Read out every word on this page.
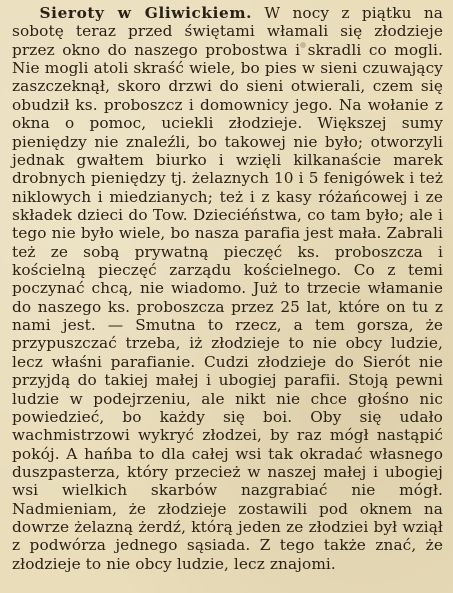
Sieroty w Gliwickiem. W nocy z piątku na sobotę teraz przed świętami włamali się złodzieje przez okno do naszego probostwa i skradli co mogli. Nie mogli atoli skraść wiele, bo pies w sieni czuwający zaszczeknął, skoro drzwi do sieni otwierali, czem się obudził ks. proboszcz i domownicy jego. Na wołanie z okna o pomoc, uciekli złodzieje. Większej sumy pieniędzy nie znaleźli, bo takowej nie było; otworzyli jednak gwałtem biurko i wzięli kilkanaście marek drobnych pieniędzy tj. żelaznych 10 i 5 fenigówek i też niklowych i miedzianych; też i z kasy różańcowej i ze składek dzieci do Tow. Dzieciéństwa, co tam było; ale i tego nie było wiele, bo nasza parafia jest mała. Zabrali też ze sobą prywatną pieczęć ks. proboszcza i kościelną pieczęć zarządu kościelnego. Co z temi poczynać chcą, nie wiadomo. Już to trzecie włamanie do naszego ks. proboszcza przez 25 lat, które on tu z nami jest. — Smutna to rzecz, a tem gorsza, że przypuszczać trzeba, iż złodzieje to nie obcy ludzie, lecz właśni parafianie. Cudzi złodzieje do Sierót nie przyjdą do takiej małej i ubogiej parafii. Stoją pewni ludzie w podejrzeniu, ale nikt nie chce głośno nic powiedzieć, bo każdy się boi. Oby się udało wachmistrzowi wykryć złodzei, by raz mógł nastąpić pokój. A hańba to dla całej wsi tak okradać własnego duszpasterza, który przecież w naszej małej i ubogiej wsi wielkich skarbów nazgrabiać nie mógł. Nadmieniam, że złodzieje zostawili pod oknem na dowrze żelazną żerdź, którą jeden ze złodziei był wziął z podwórza jednego sąsiada. Z tego także znać, że złodzieje to nie obcy ludzie, lecz znajomi.
